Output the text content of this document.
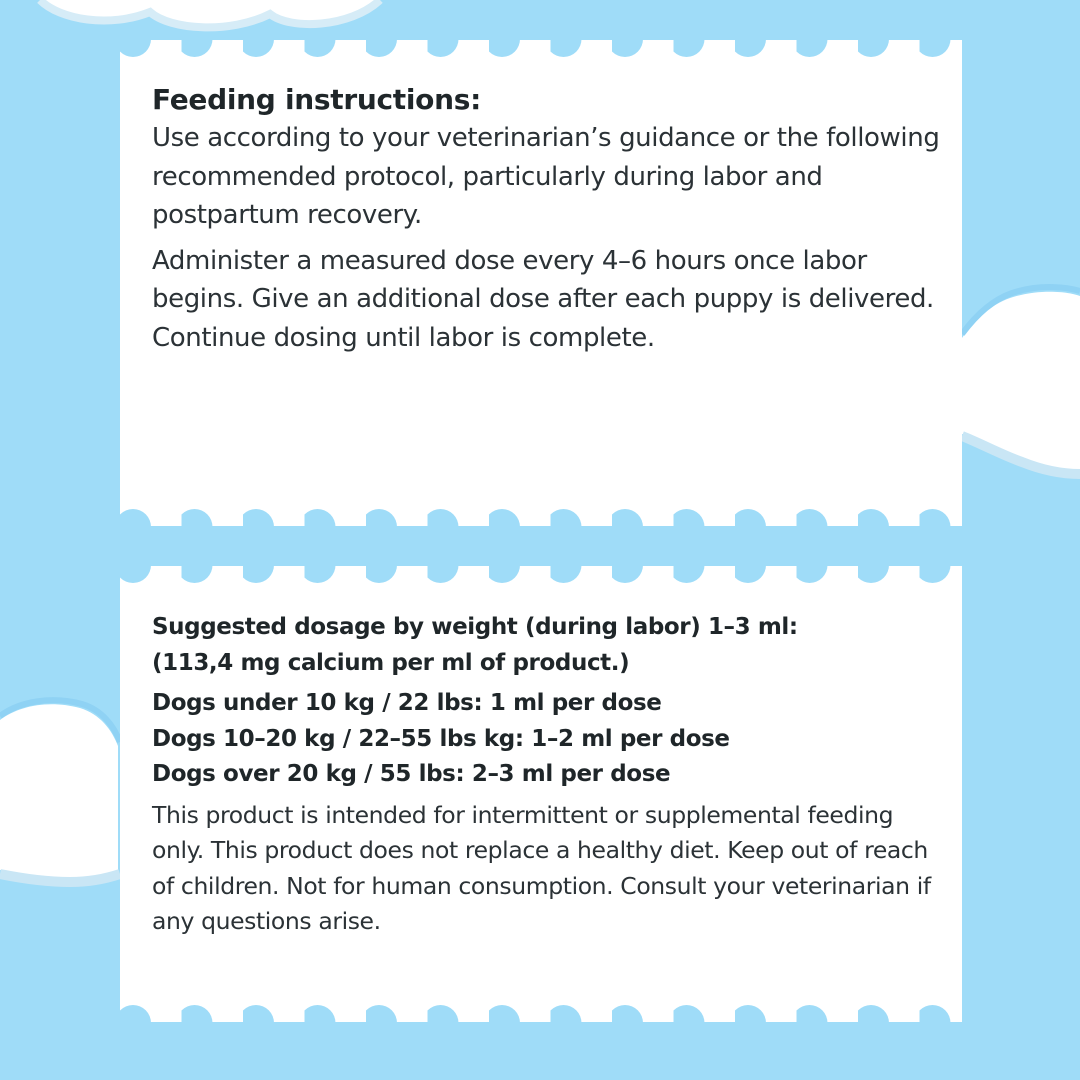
Feeding instructions:

Use according to your veterinarian’s guidance or the following recommended protocol, particularly during labor and postpartum recovery.

Administer a measured dose every 4–6 hours once labor begins. Give an additional dose after each puppy is delivered. Continue dosing until labor is complete.

Suggested dosage by weight (during labor) 1–3 ml:

(113,4 mg calcium per ml of product.)

Dogs under 10 kg / 22 lbs: 1 ml per dose

Dogs 10–20 kg / 22–55 lbs kg: 1–2 ml per dose

Dogs over 20 kg / 55 lbs: 2–3 ml per dose

This product is intended for intermittent or supplemental feeding only. This product does not replace a healthy diet. Keep out of reach of children. Not for human consumption. Consult your veterinarian if any questions arise.
